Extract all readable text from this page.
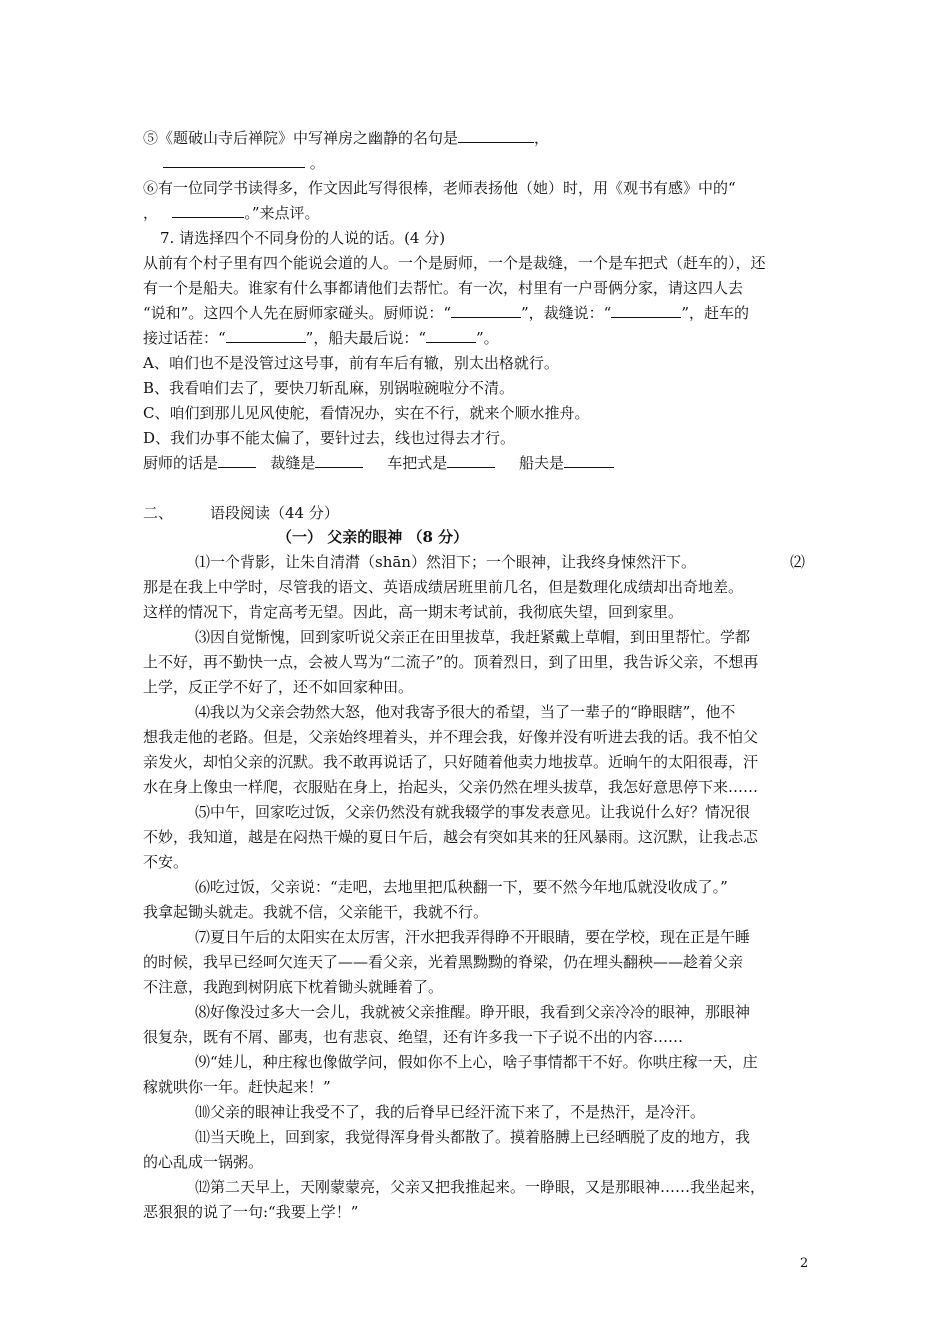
⑤《题破山寺后禅院》中写禅房之幽静的名句是	，
。
⑥有一位同学书读得多，作文因此写得很棒，老师表扬他（她）时，用《观书有感》中的“
，	。”来点评。
7. 请选择四个不同身份的人说的话。(4 分)
从前有个村子里有四个能说会道的人。一个是厨师，一个是裁缝，一个是车把式（赶车的），还
有一个是船夫。谁家有什么事都请他们去帮忙。有一次，村里有一户哥俩分家，请这四人去
“说和”。这四个人先在厨师家碰头。厨师说：“	”，裁缝说：“	”，赶车的
接过话茬：“	”，船夫最后说：“	”。
A、咱们也不是没管过这号事，前有车后有辙，别太出格就行。
B、我看咱们去了，要快刀斩乱麻，别锅啦碗啦分不清。
C、咱们到那儿见风使舵，看情况办，实在不行，就来个顺水推舟。
D、我们办事不能太偏了，要针过去，线也过得去才行。
厨师的话是	裁缝是	车把式是	船夫是
二、 语段阅读（44 分）
（一） 父亲的眼神 （8 分）
⑴一个背影，让朱自清潸（shān）然泪下；一个眼神，让我终身悚然汗下。	⑵
那是在我上中学时，尽管我的语文、英语成绩居班里前几名，但是数理化成绩却出奇地差。
这样的情况下，肯定高考无望。因此，高一期末考试前，我彻底失望，回到家里。
⑶因自觉惭愧，回到家听说父亲正在田里拔草，我赶紧戴上草帽，到田里帮忙。学都
上不好，再不勤快一点，会被人骂为“二流子”的。顶着烈日，到了田里，我告诉父亲，不想再
上学，反正学不好了，还不如回家种田。
⑷我以为父亲会勃然大怒，他对我寄予很大的希望，当了一辈子的“睁眼瞎”，他不
想我走他的老路。但是，父亲始终埋着头，并不理会我，好像并没有听进去我的话。我不怕父
亲发火，却怕父亲的沉默。我不敢再说话了，只好随着他卖力地拔草。近晌午的太阳很毒，汗
水在身上像虫一样爬，衣服贴在身上，抬起头，父亲仍然在埋头拔草，我怎好意思停下来……
⑸中午，回家吃过饭，父亲仍然没有就我辍学的事发表意见。让我说什么好？情况很
不妙，我知道，越是在闷热干燥的夏日午后，越会有突如其来的狂风暴雨。这沉默，让我忐忑
不安。
⑹吃过饭，父亲说：“走吧，去地里把瓜秧翻一下，要不然今年地瓜就没收成了。”
我拿起锄头就走。我就不信，父亲能干，我就不行。
⑺夏日午后的太阳实在太厉害，汗水把我弄得睁不开眼睛，要在学校，现在正是午睡
的时候，我早已经呵欠连天了——看父亲，光着黑黝黝的脊梁，仍在埋头翻秧——趁着父亲
不注意，我跑到树阴底下枕着锄头就睡着了。
⑻好像没过多大一会儿，我就被父亲推醒。睁开眼，我看到父亲冷冷的眼神，那眼神
很复杂，既有不屑、鄙夷，也有悲哀、绝望，还有许多我一下子说不出的内容……
⑼“娃儿，种庄稼也像做学问，假如你不上心，啥子事情都干不好。你哄庄稼一天，庄
稼就哄你一年。赶快起来！”
⑽父亲的眼神让我受不了，我的后脊早已经汗流下来了，不是热汗，是冷汗。
⑾当天晚上，回到家，我觉得浑身骨头都散了。摸着胳膊上已经晒脱了皮的地方，我
的心乱成一锅粥。
⑿第二天早上，天刚蒙蒙亮，父亲又把我推起来。一睁眼，又是那眼神……我坐起来，
恶狠狠的说了一句:“我要上学！”
2
